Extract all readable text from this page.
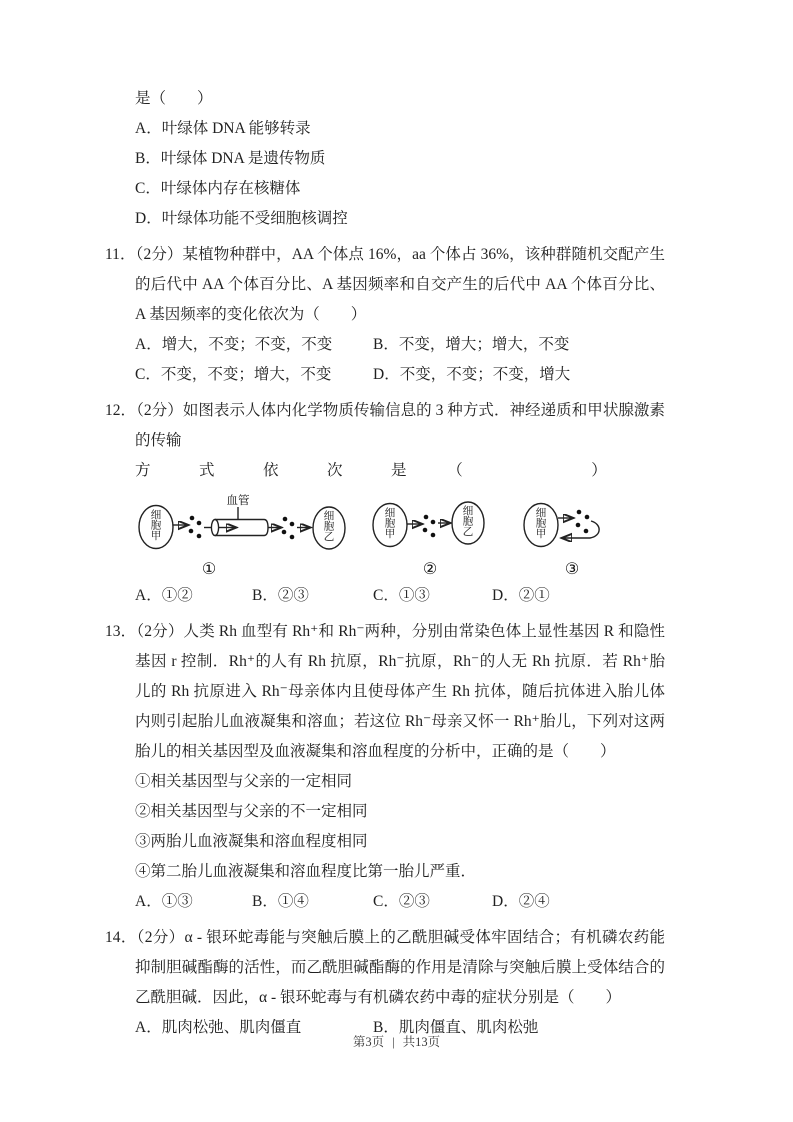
是（　　）
A．叶绿体 DNA 能够转录
B．叶绿体 DNA 是遗传物质
C．叶绿体内存在核糖体
D．叶绿体功能不受细胞核调控
11．（2分）某植物种群中，AA 个体点 16%，aa 个体占 36%，该种群随机交配产生的后代中 AA 个体百分比、A 基因频率和自交产生的后代中 AA 个体百分比、A 基因频率的变化依次为（　　）
A．增大，不变；不变，不变	B．不变，增大；增大，不变
C．不变，不变；增大，不变	D．不变，不变；不变，增大
12．（2分）如图表示人体内化学物质传输信息的 3 种方式．神经递质和甲状腺激素的传输
方　　　式　　　依　　　次　　　是　　　（　　　　　　　　）
细胞甲
血管
细胞乙
①
细胞甲
细胞乙
②
细胞甲
③
A．①②	B．②③	C．①③	D．②①
13．（2分）人类 Rh 血型有 Rh⁺和 Rh⁻两种，分别由常染色体上显性基因 R 和隐性基因 r 控制．Rh⁺的人有 Rh 抗原，Rh⁻抗原，Rh⁻的人无 Rh 抗原．若 Rh⁺胎儿的 Rh 抗原进入 Rh⁻母亲体内且使母体产生 Rh 抗体，随后抗体进入胎儿体内则引起胎儿血液凝集和溶血；若这位 Rh⁻母亲又怀一 Rh⁺胎儿，下列对这两胎儿的相关基因型及血液凝集和溶血程度的分析中，正确的是（　　）
①相关基因型与父亲的一定相同
②相关基因型与父亲的不一定相同
③两胎儿血液凝集和溶血程度相同
④第二胎儿血液凝集和溶血程度比第一胎儿严重．
A．①③	B．①④	C．②③	D．②④
14．（2分）α - 银环蛇毒能与突触后膜上的乙酰胆碱受体牢固结合；有机磷农药能抑制胆碱酯酶的活性，而乙酰胆碱酯酶的作用是清除与突触后膜上受体结合的乙酰胆碱．因此，α - 银环蛇毒与有机磷农药中毒的症状分别是（　　）
A．肌肉松弛、肌肉僵直	B．肌肉僵直、肌肉松弛
第3页 | 共13页
